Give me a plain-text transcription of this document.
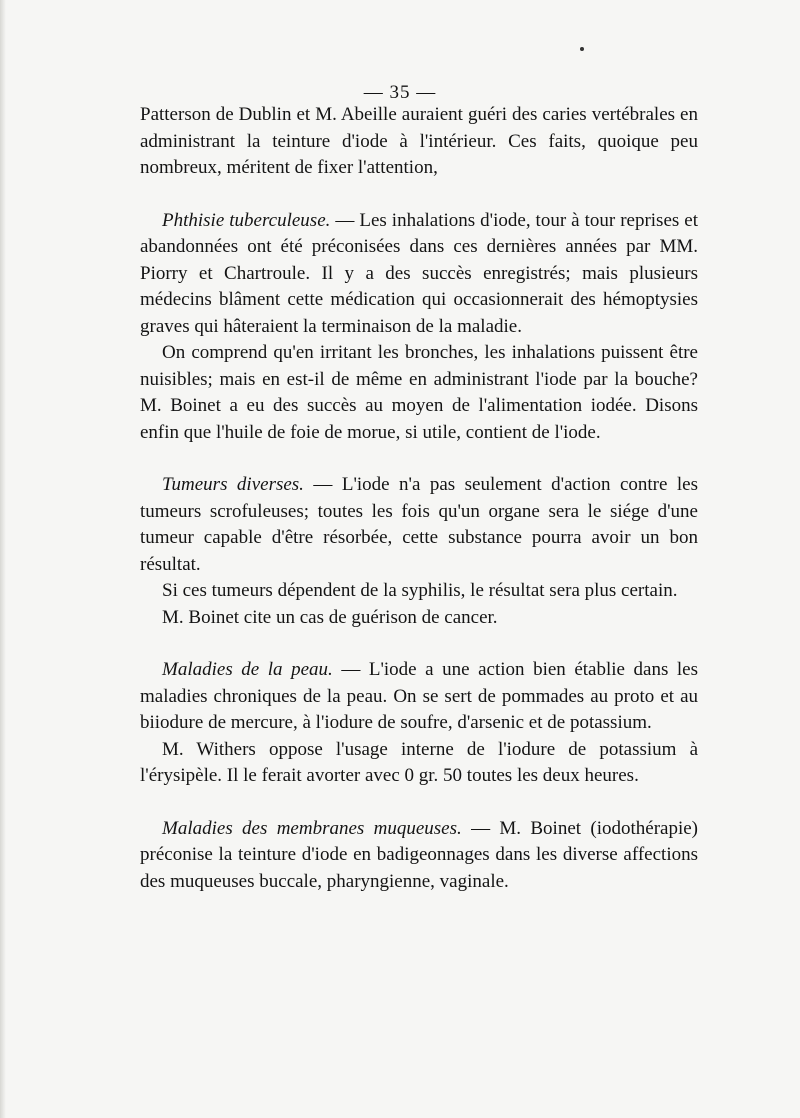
— 35 —

Patterson de Dublin et M. Abeille auraient guéri des caries vertébrales en administrant la teinture d'iode à l'intérieur. Ces faits, quoique peu nombreux, méritent de fixer l'attention,

Phthisie tuberculeuse. — Les inhalations d'iode, tour à tour reprises et abandonnées ont été préconisées dans ces dernières années par MM. Piorry et Chartroule. Il y a des succès enregistrés; mais plusieurs médecins blâment cette médication qui occasionnerait des hémoptysies graves qui hâteraient la terminaison de la maladie.

On comprend qu'en irritant les bronches, les inhalations puissent être nuisibles; mais en est-il de même en administrant l'iode par la bouche? M. Boinet a eu des succès au moyen de l'alimentation iodée. Disons enfin que l'huile de foie de morue, si utile, contient de l'iode.

Tumeurs diverses. — L'iode n'a pas seulement d'action contre les tumeurs scrofuleuses; toutes les fois qu'un organe sera le siége d'une tumeur capable d'être résorbée, cette substance pourra avoir un bon résultat.

Si ces tumeurs dépendent de la syphilis, le résultat sera plus certain.

M. Boinet cite un cas de guérison de cancer.

Maladies de la peau. — L'iode a une action bien établie dans les maladies chroniques de la peau. On se sert de pommades au proto et au biiodure de mercure, à l'iodure de soufre, d'arsenic et de potassium.

M. Withers oppose l'usage interne de l'iodure de potassium à l'érysipèle. Il le ferait avorter avec 0 gr. 50 toutes les deux heures.

Maladies des membranes muqueuses. — M. Boinet (iodothérapie) préconise la teinture d'iode en badigeonnages dans les diverse affections des muqueuses buccale, pharyngienne, vaginale.
